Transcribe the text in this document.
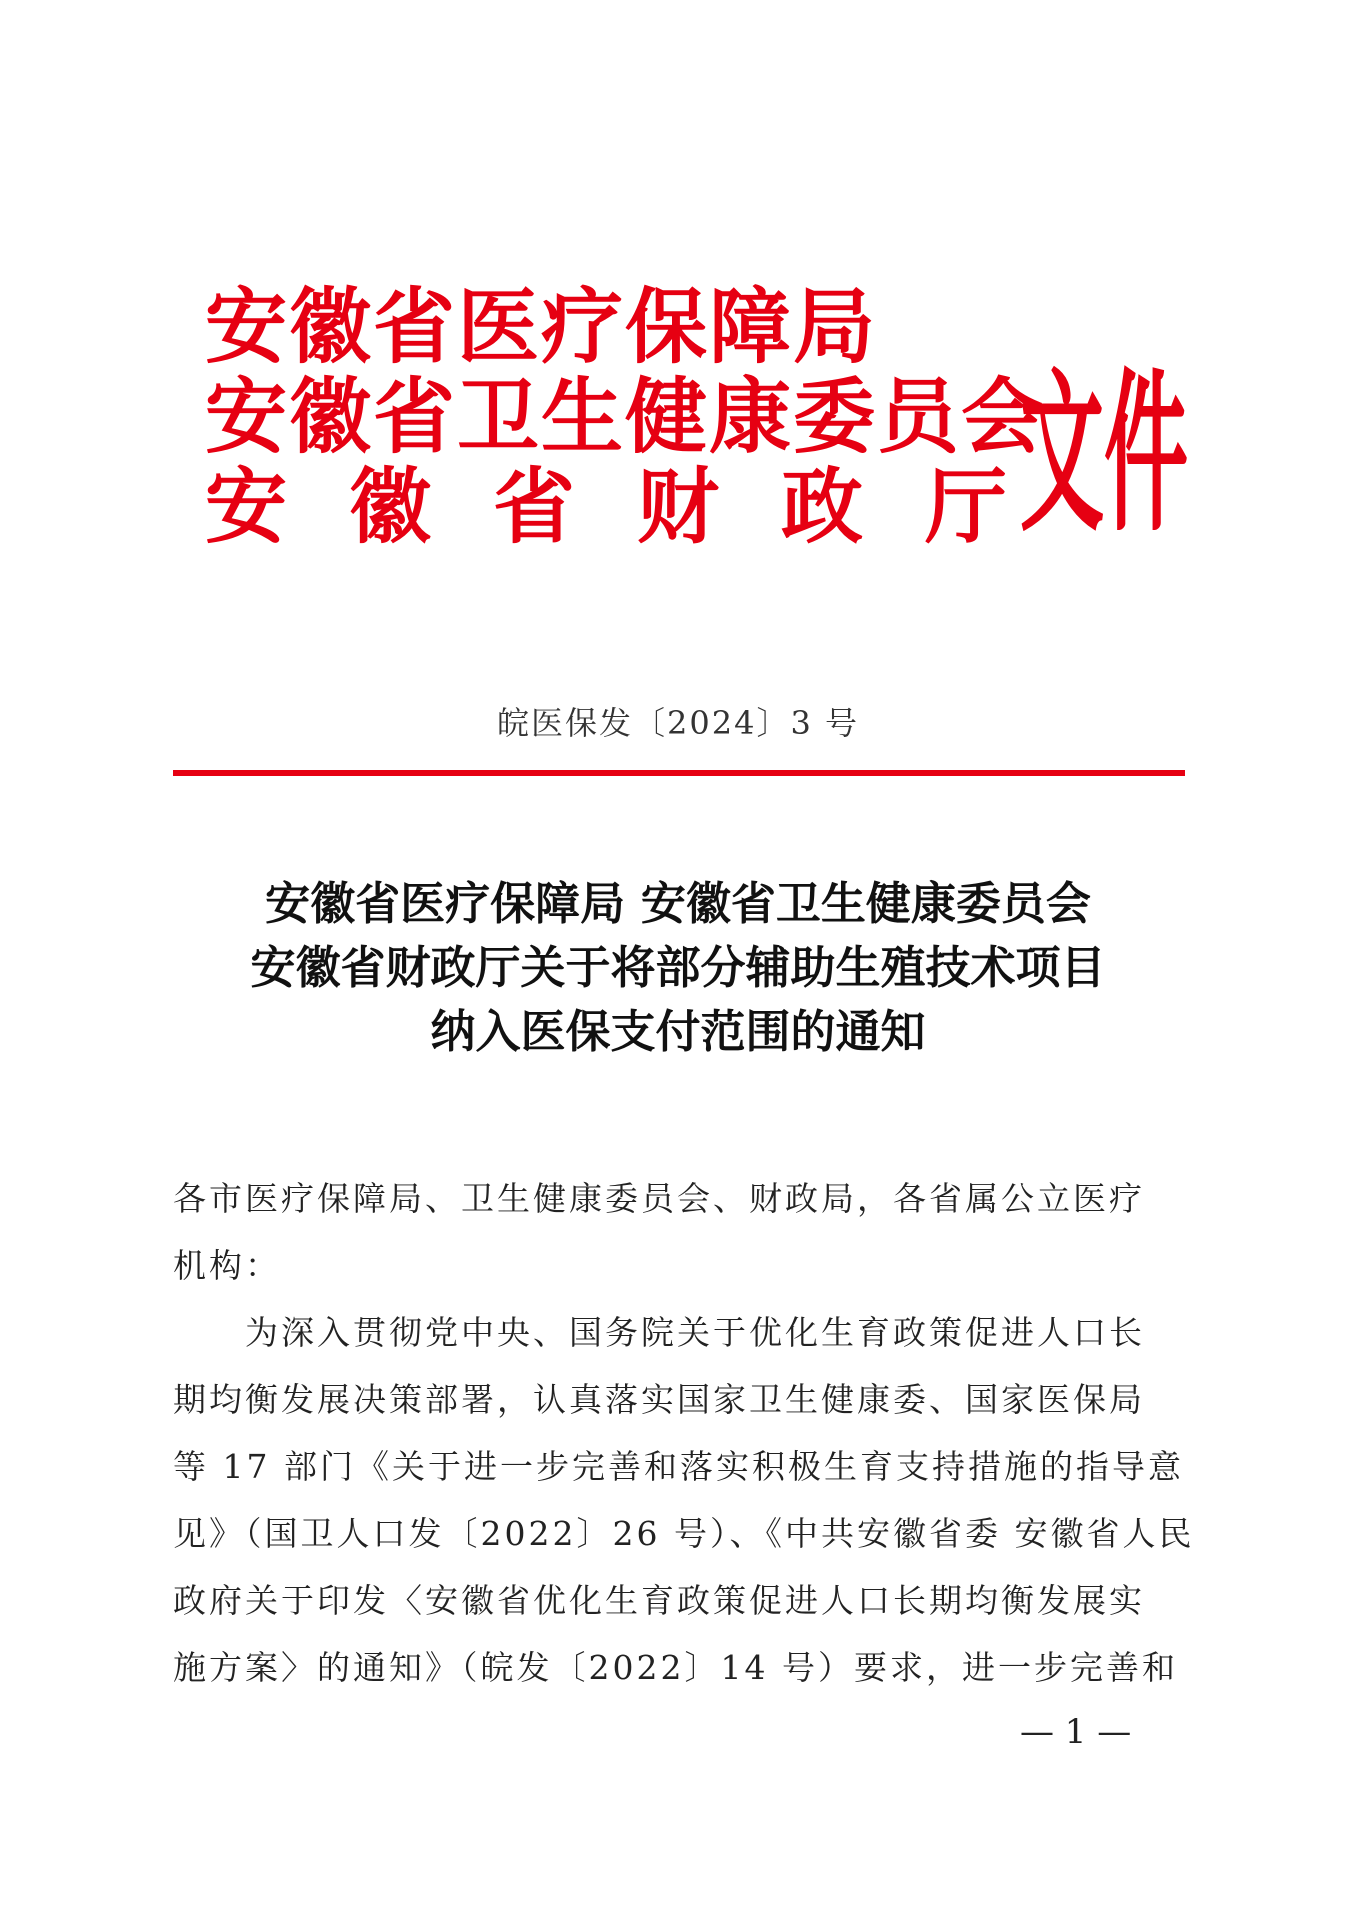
安徽省医疗保障局
安徽省卫生健康委员会
安徽省财政厅
文件
皖医保发〔2024〕3 号
安徽省医疗保障局 安徽省卫生健康委员会
安徽省财政厅关于将部分辅助生殖技术项目
纳入医保支付范围的通知
各市医疗保障局、卫生健康委员会、财政局，各省属公立医疗
机构：
为深入贯彻党中央、国务院关于优化生育政策促进人口长
期均衡发展决策部署，认真落实国家卫生健康委、国家医保局
等 17 部门《关于进一步完善和落实积极生育支持措施的指导意
见》（国卫人口发〔2022〕26 号）、《中共安徽省委 安徽省人民
政府关于印发〈安徽省优化生育政策促进人口长期均衡发展实
施方案〉的通知》（皖发〔2022〕14 号）要求，进一步完善和
— 1 —
